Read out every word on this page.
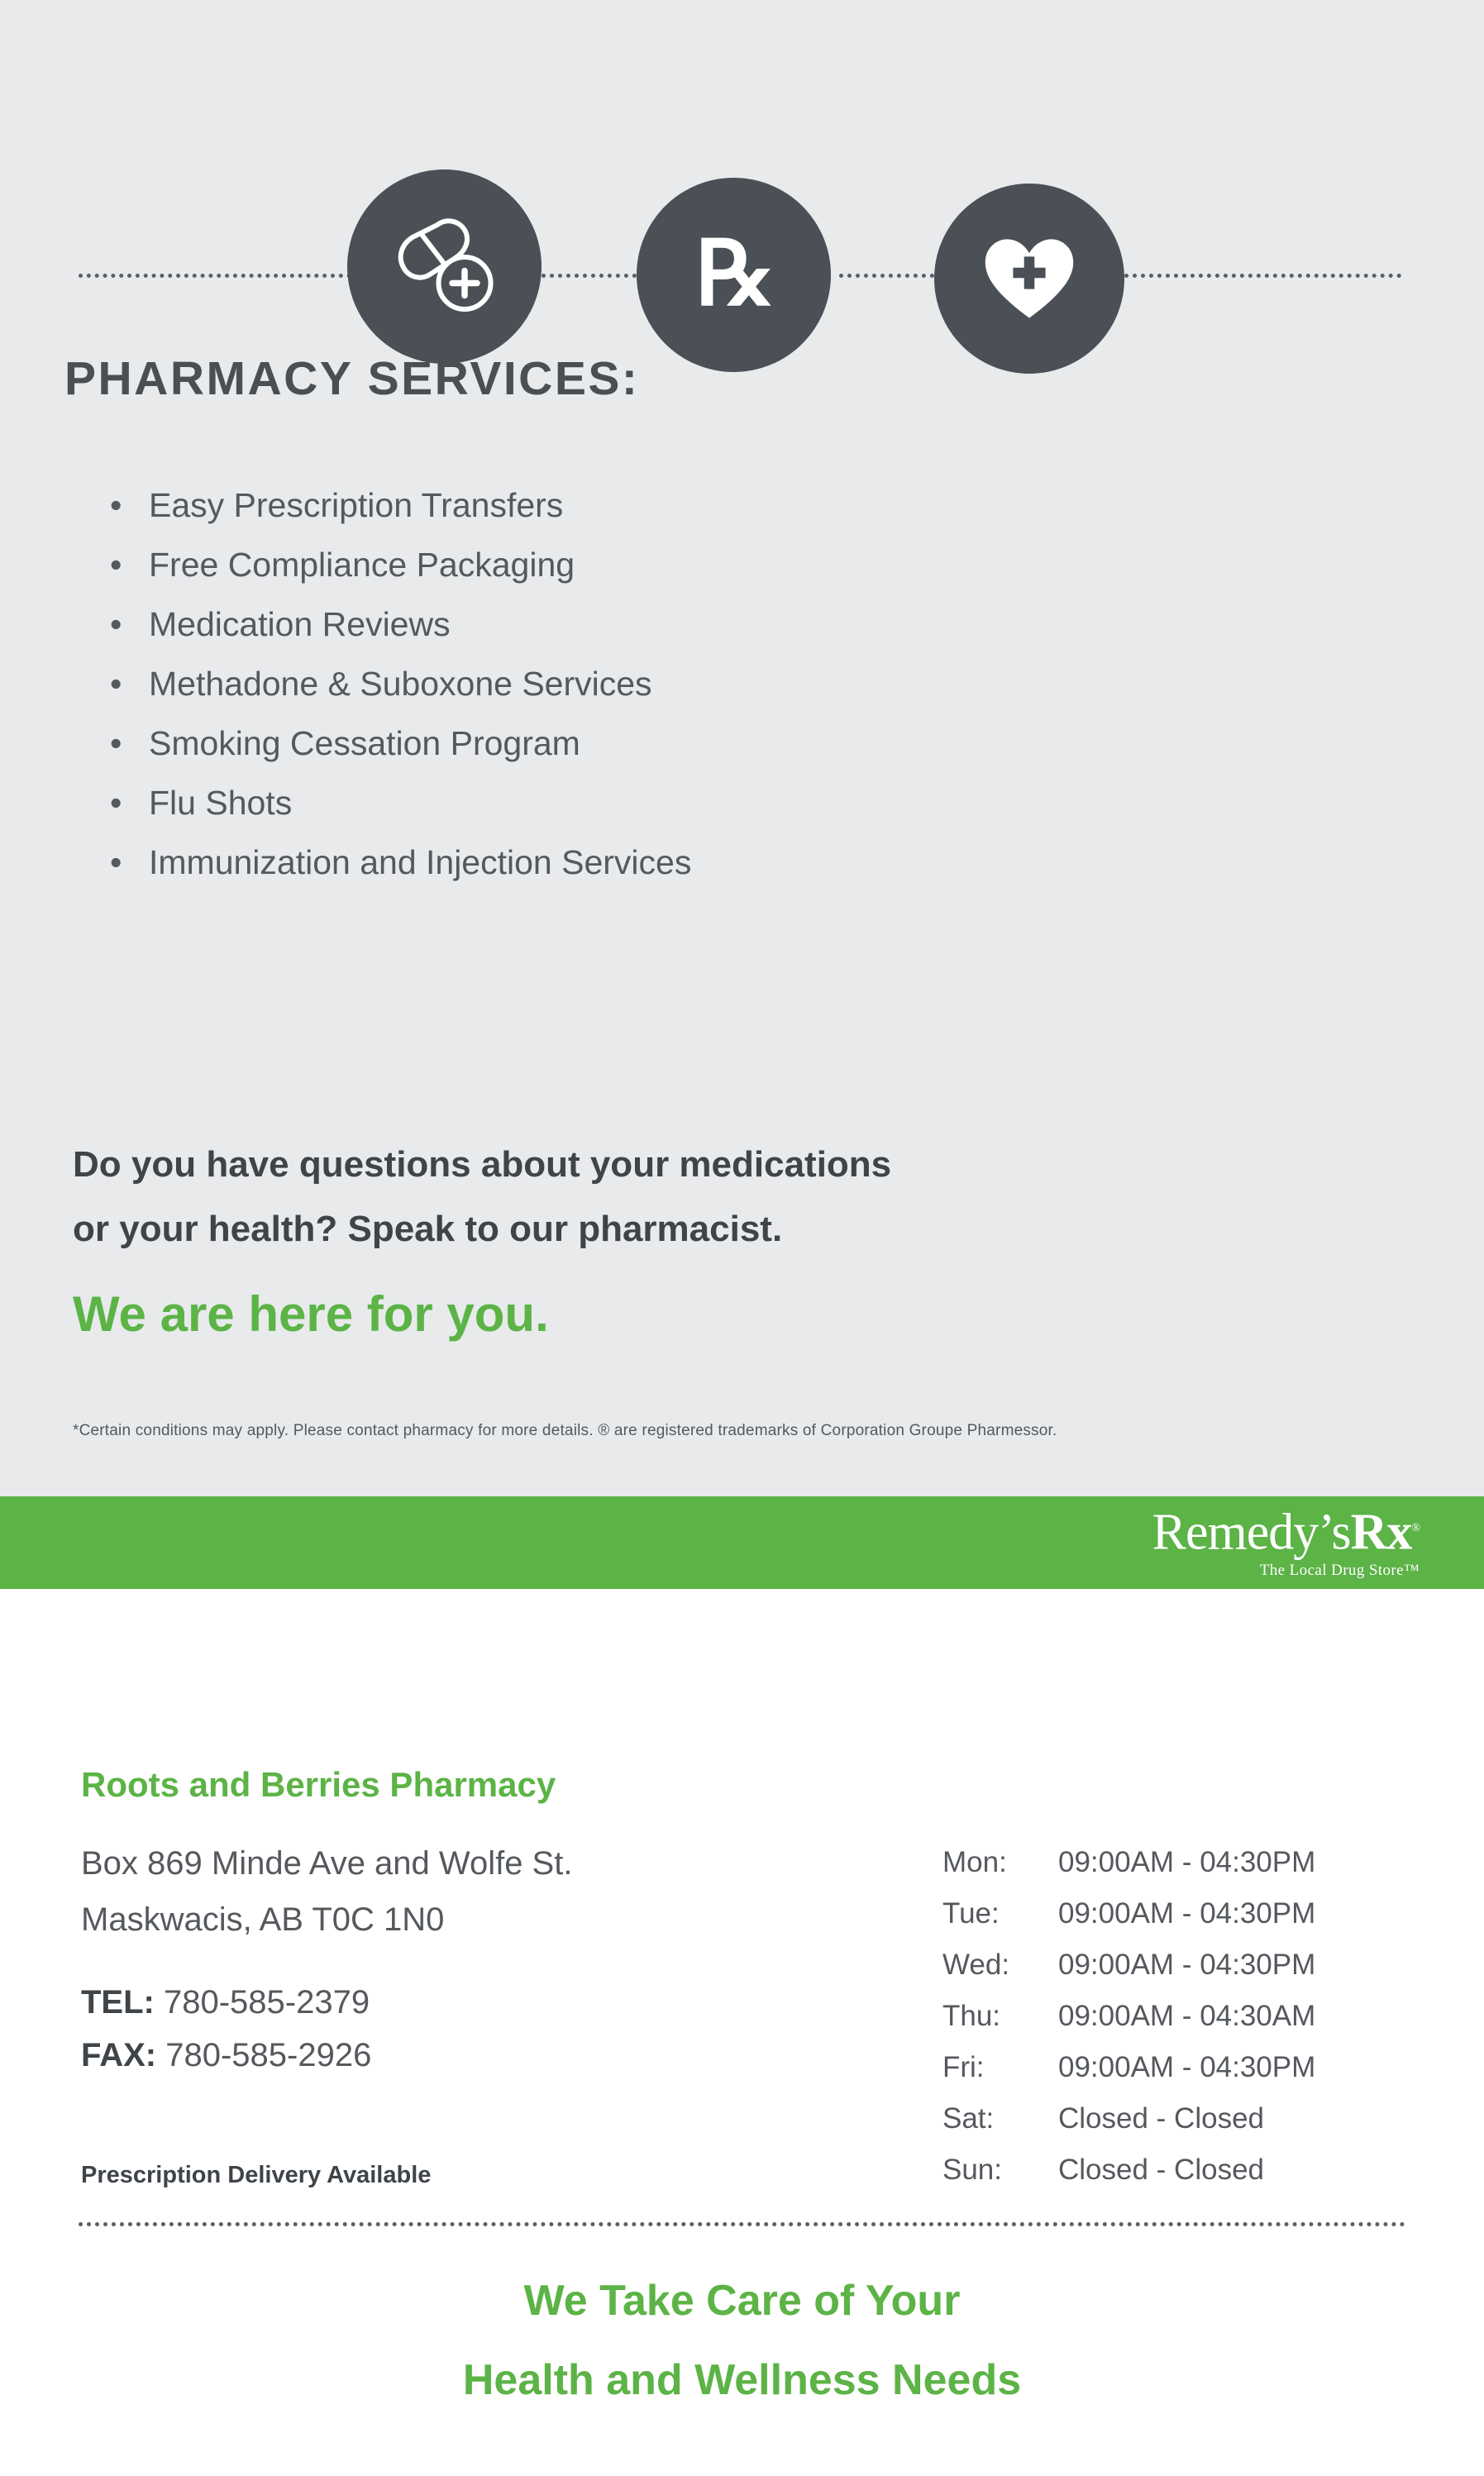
℞
PHARMACY SERVICES:
• Easy Prescription Transfers
• Free Compliance Packaging
• Medication Reviews
• Methadone & Suboxone Services
• Smoking Cessation Program
• Flu Shots
• Immunization and Injection Services
Do you have questions about your medications
or your health? Speak to our pharmacist.
We are here for you.
*Certain conditions may apply. Please contact pharmacy for more details. ® are registered trademarks of Corporation Groupe Pharmessor.
Remedy’sRx®
The Local Drug Store™
Roots and Berries Pharmacy
Box 869 Minde Ave and Wolfe St.
Maskwacis, AB T0C 1N0
TEL: 780-585-2379
FAX: 780-585-2926
Prescription Delivery Available
Mon:	09:00AM - 04:30PM
Tue:	09:00AM - 04:30PM
Wed:	09:00AM - 04:30PM
Thu:	09:00AM - 04:30AM
Fri:	09:00AM - 04:30PM
Sat:	Closed - Closed
Sun:	Closed - Closed
We Take Care of Your
Health and Wellness Needs
